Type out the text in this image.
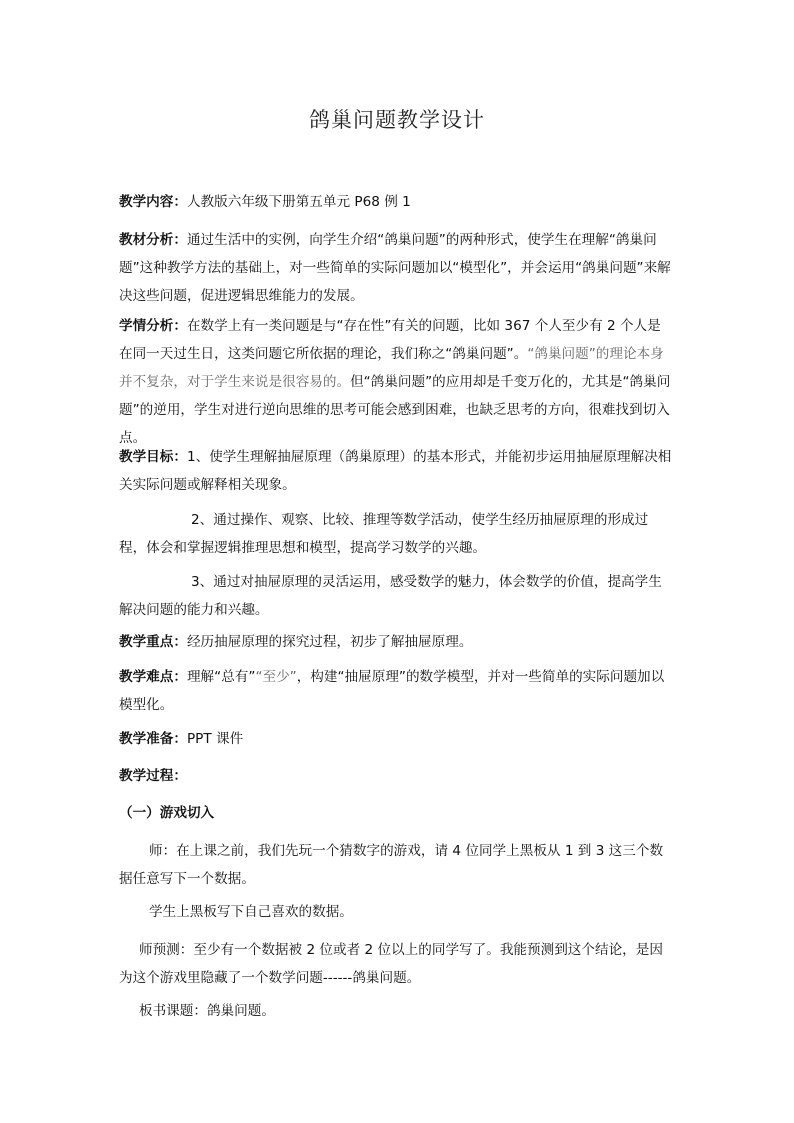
鸽巢问题教学设计

教学内容：人教版六年级下册第五单元 P68 例 1

教材分析：通过生活中的实例，向学生介绍“鸽巢问题”的两种形式，使学生在理解“鸽巢问题”这种教学方法的基础上，对一些简单的实际问题加以“模型化”，并会运用“鸽巢问题”来解决这些问题，促进逻辑思维能力的发展。

学情分析：在数学上有一类问题是与“存在性”有关的问题，比如 367 个人至少有 2 个人是在同一天过生日，这类问题它所依据的理论，我们称之“鸽巢问题”。“鸽巢问题”的理论本身并不复杂，对于学生来说是很容易的。但“鸽巢问题”的应用却是千变万化的，尤其是“鸽巢问题”的逆用，学生对进行逆向思维的思考可能会感到困难，也缺乏思考的方向，很难找到切入点。

教学目标：1、使学生理解抽屉原理（鸽巢原理）的基本形式，并能初步运用抽屉原理解决相关实际问题或解释相关现象。

2、通过操作、观察、比较、推理等数学活动，使学生经历抽屉原理的形成过程，体会和掌握逻辑推理思想和模型，提高学习数学的兴趣。

3、通过对抽屉原理的灵活运用，感受数学的魅力，体会数学的价值，提高学生解决问题的能力和兴趣。

教学重点：经历抽屉原理的探究过程，初步了解抽屉原理。

教学难点：理解“总有”“至少”，构建“抽屉原理”的数学模型，并对一些简单的实际问题加以模型化。

教学准备：PPT 课件

教学过程：
（一）游戏切入

师：在上课之前，我们先玩一个猜数字的游戏，请 4 位同学上黑板从 1 到 3 这三个数据任意写下一个数据。

学生上黑板写下自己喜欢的数据。

师预测：至少有一个数据被 2 位或者 2 位以上的同学写了。我能预测到这个结论，是因为这个游戏里隐藏了一个数学问题------鸽巢问题。

板书课题：鸽巢问题。
